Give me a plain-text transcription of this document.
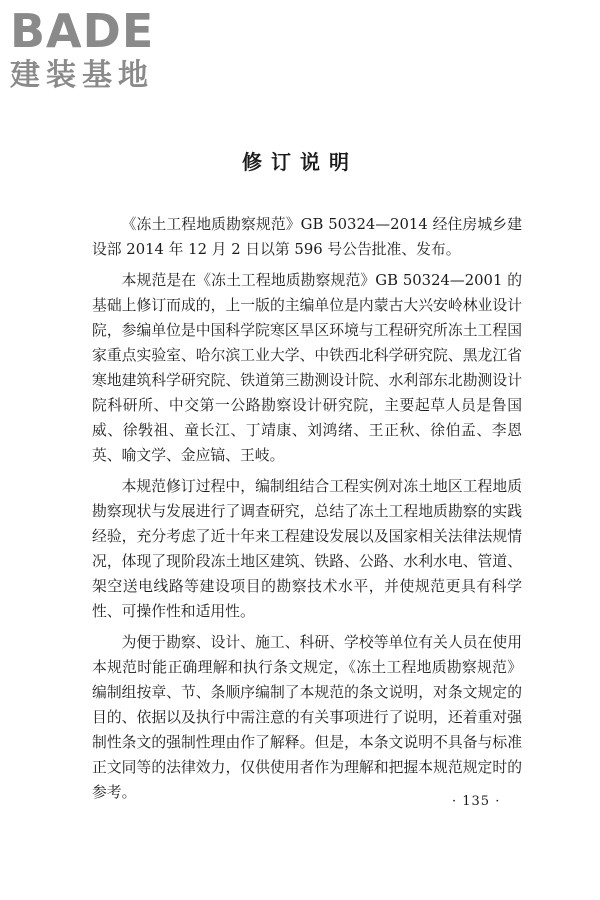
BADE
建装基地
修订说明

《冻土工程地质勘察规范》GB 50324—2014 经住房城乡建设部 2014 年 12 月 2 日以第 596 号公告批准、发布。

本规范是在《冻土工程地质勘察规范》GB 50324—2001 的基础上修订而成的，上一版的主编单位是内蒙古大兴安岭林业设计院，参编单位是中国科学院寒区旱区环境与工程研究所冻土工程国家重点实验室、哈尔滨工业大学、中铁西北科学研究院、黑龙江省寒地建筑科学研究院、铁道第三勘测设计院、水利部东北勘测设计院科研所、中交第一公路勘察设计研究院，主要起草人员是鲁国威、徐斅祖、童长江、丁靖康、刘鸿绪、王正秋、徐伯孟、李恩英、喻文学、金应镐、王岐。

本规范修订过程中，编制组结合工程实例对冻土地区工程地质勘察现状与发展进行了调查研究，总结了冻土工程地质勘察的实践经验，充分考虑了近十年来工程建设发展以及国家相关法律法规情况，体现了现阶段冻土地区建筑、铁路、公路、水利水电、管道、架空送电线路等建设项目的勘察技术水平，并使规范更具有科学性、可操作性和适用性。

为便于勘察、设计、施工、科研、学校等单位有关人员在使用本规范时能正确理解和执行条文规定，《冻土工程地质勘察规范》编制组按章、节、条顺序编制了本规范的条文说明，对条文规定的目的、依据以及执行中需注意的有关事项进行了说明，还着重对强制性条文的强制性理由作了解释。但是，本条文说明不具备与标准正文同等的法律效力，仅供使用者作为理解和把握本规范规定时的参考。

· 135 ·
